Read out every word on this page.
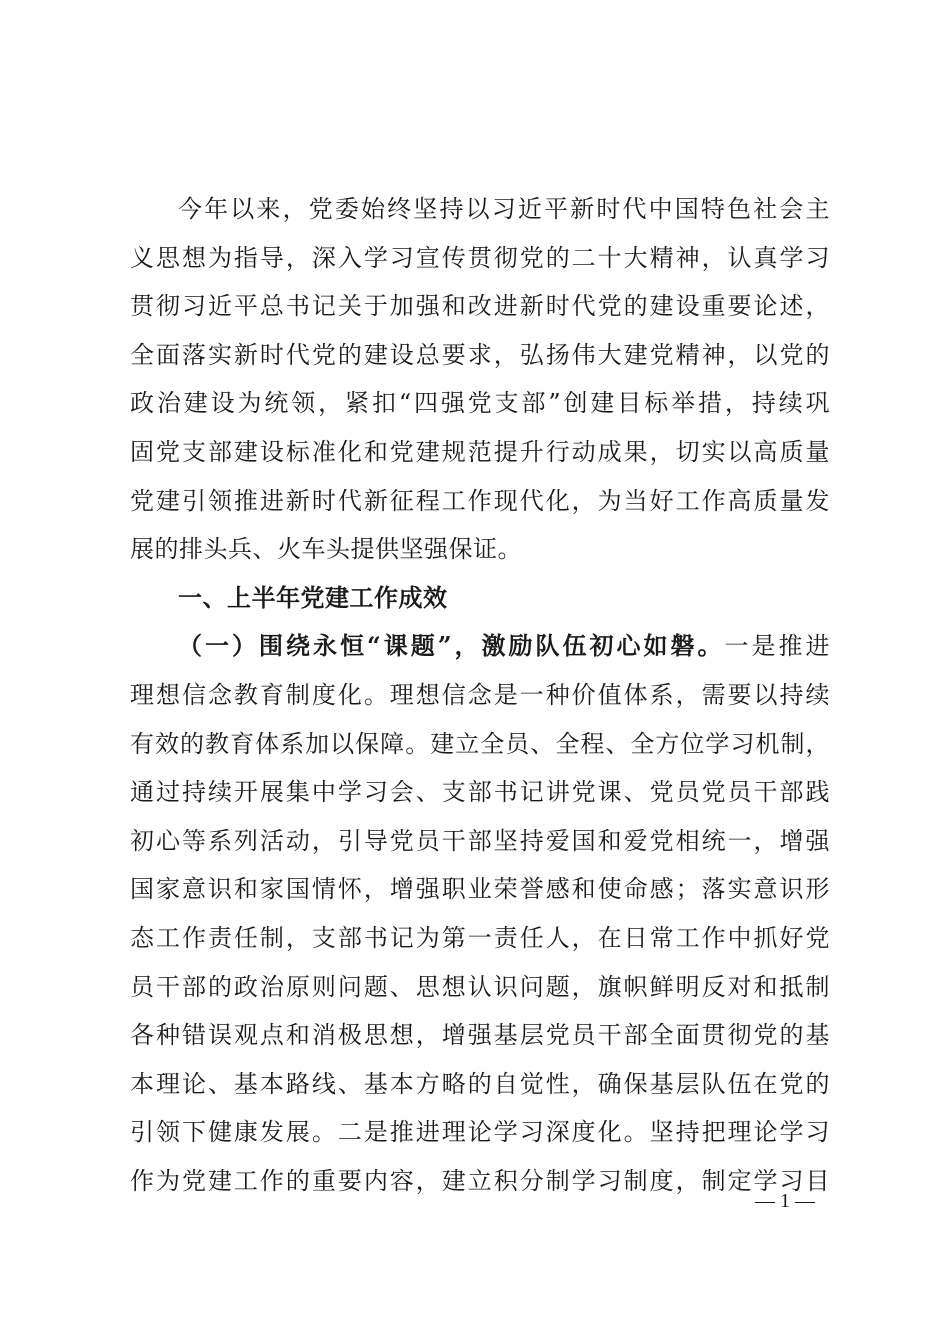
今年以来，党委始终坚持以习近平新时代中国特色社会主
义思想为指导，深入学习宣传贯彻党的二十大精神，认真学习
贯彻习近平总书记关于加强和改进新时代党的建设重要论述，
全面落实新时代党的建设总要求，弘扬伟大建党精神，以党的
政治建设为统领，紧扣“四强党支部”创建目标举措，持续巩
固党支部建设标准化和党建规范提升行动成果，切实以高质量
党建引领推进新时代新征程工作现代化，为当好工作高质量发
展的排头兵、火车头提供坚强保证。
一、上半年党建工作成效
（一）围绕永恒“课题”，激励队伍初心如磐。一是推进
理想信念教育制度化。理想信念是一种价值体系，需要以持续
有效的教育体系加以保障。建立全员、全程、全方位学习机制，
通过持续开展集中学习会、支部书记讲党课、党员党员干部践
初心等系列活动，引导党员干部坚持爱国和爱党相统一，增强
国家意识和家国情怀，增强职业荣誉感和使命感；落实意识形
态工作责任制，支部书记为第一责任人，在日常工作中抓好党
员干部的政治原则问题、思想认识问题，旗帜鲜明反对和抵制
各种错误观点和消极思想，增强基层党员干部全面贯彻党的基
本理论、基本路线、基本方略的自觉性，确保基层队伍在党的
引领下健康发展。二是推进理论学习深度化。坚持把理论学习
作为党建工作的重要内容，建立积分制学习制度，制定学习目
— 1 —
